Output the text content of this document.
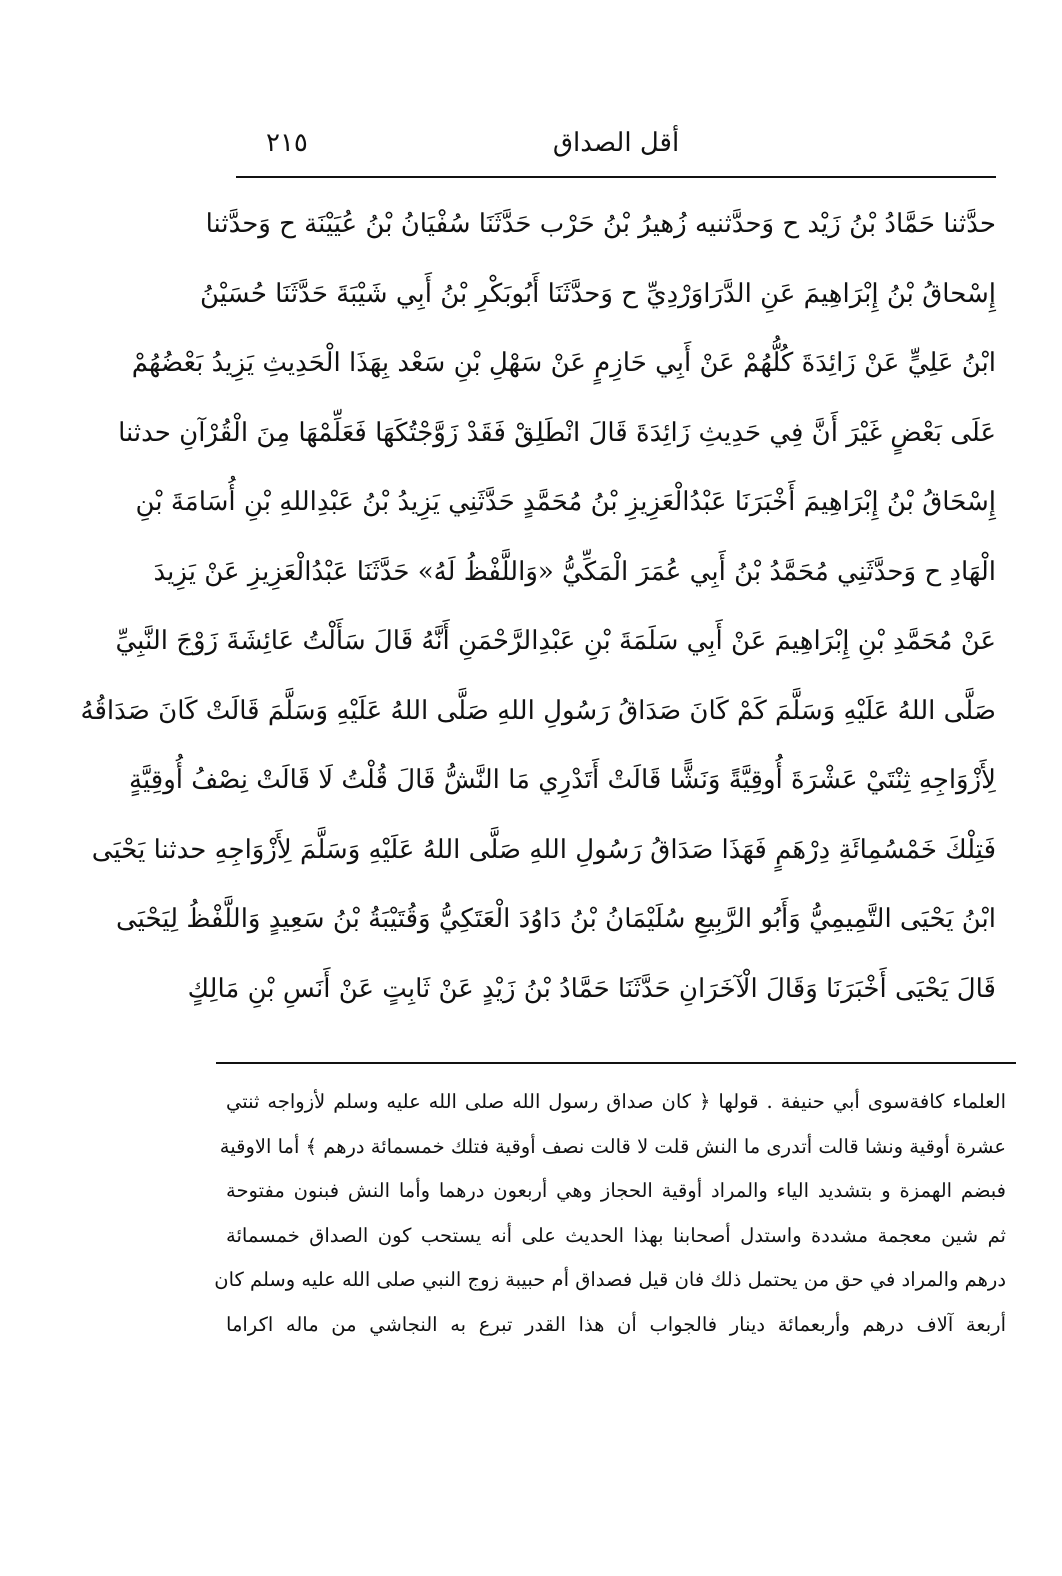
أقل الصداق
٢١٥
حدَّثنا حَمَّادُ بْنُ زَيْد ح وَحدَّثنيه زُهيرُ بْنُ حَرْب حَدَّثَنَا سُفْيَانُ بْنُ عُيَيْنَة ح وَحدَّثنا
إِسْحاقُ بْنُ إِبْرَاهِيمَ عَنِ الدَّرَاوَرْدِيِّ ح وَحدَّثَنَا أَبُوبَكْرِ بْنُ أَبِي شَيْبَةَ حَدَّثَنَا حُسَيْنُ
ابْنُ عَلِيٍّ عَنْ زَائِدَةَ كُلُّهُمْ عَنْ أَبِي حَازِمٍ عَنْ سَهْلِ بْنِ سَعْد بِهَذَا الْحَدِيثِ يَزِيدُ بَعْضُهُمْ
عَلَى بَعْضٍ غَيْرَ أَنَّ فِي حَدِيثِ زَائِدَةَ قَالَ انْطَلِقْ فَقَدْ زَوَّجْتُكَهَا فَعَلِّمْهَا مِنَ الْقُرْآنِ حدثنا
إِسْحَاقُ بْنُ إِبْرَاهِيمَ أَخْبَرَنَا عَبْدُالْعَزِيزِ بْنُ مُحَمَّدٍ حَدَّثَنِي يَزِيدُ بْنُ عَبْدِاللهِ بْنِ أُسَامَةَ بْنِ
الْهَادِ ح وَحدَّثَنِي مُحَمَّدُ بْنُ أَبِي عُمَرَ الْمَكِّيُّ «وَاللَّفْظُ لَهُ» حَدَّثَنَا عَبْدُالْعَزِيزِ عَنْ يَزِيدَ
عَنْ مُحَمَّدِ بْنِ إِبْرَاهِيمَ عَنْ أَبِي سَلَمَةَ بْنِ عَبْدِالرَّحْمَنِ أَنَّهُ قَالَ سَأَلْتُ عَائِشَةَ زَوْجَ النَّبِيِّ
صَلَّى اللهُ عَلَيْهِ وَسَلَّمَ كَمْ كَانَ صَدَاقُ رَسُولِ اللهِ صَلَّى اللهُ عَلَيْهِ وَسَلَّمَ قَالَتْ كَانَ صَدَاقُهُ
لِأَزْوَاجِهِ ثِنْتَيْ عَشْرَةَ أُوقِيَّةً وَنَشًّا قَالَتْ أَتَدْرِي مَا النَّشُّ قَالَ قُلْتُ لَا قَالَتْ نِصْفُ أُوقِيَّةٍ
فَتِلْكَ خَمْسُمِائَةِ دِرْهَمٍ فَهَذَا صَدَاقُ رَسُولِ اللهِ صَلَّى اللهُ عَلَيْهِ وَسَلَّمَ لِأَزْوَاجِهِ حدثنا يَحْيَى
ابْنُ يَحْيَى التَّمِيمِيُّ وَأَبُو الرَّبِيعِ سُلَيْمَانُ بْنُ دَاوُدَ الْعَتَكِيُّ وَقُتَيْبَةُ بْنُ سَعِيدٍ وَاللَّفْظُ لِيَحْيَى
قَالَ يَحْيَى أَخْبَرَنَا وَقَالَ الْآخَرَانِ حَدَّثَنَا حَمَّادُ بْنُ زَيْدٍ عَنْ ثَابِتٍ عَنْ أَنَسِ بْنِ مَالِكٍ
العلماء كافةسوى أبي حنيفة . قولها ﴿ كان صداق رسول الله صلى الله عليه وسلم لأزواجه ثنتي
عشرة أوقية ونشا قالت أتدرى ما النش قلت لا قالت نصف أوقية فتلك خمسمائة درهم ﴾ أما الاوقية
فبضم الهمزة و بتشديد الياء والمراد أوقية الحجاز وهي أربعون درهما وأما النش فبنون مفتوحة
ثم شين معجمة مشددة واستدل أصحابنا بهذا الحديث على أنه يستحب كون الصداق خمسمائة
درهم والمراد في حق من يحتمل ذلك فان قيل فصداق أم حبيبة زوج النبي صلى الله عليه وسلم كان
أربعة آلاف درهم وأربعمائة دينار فالجواب أن هذا القدر تبرع به النجاشي من ماله اكراما
